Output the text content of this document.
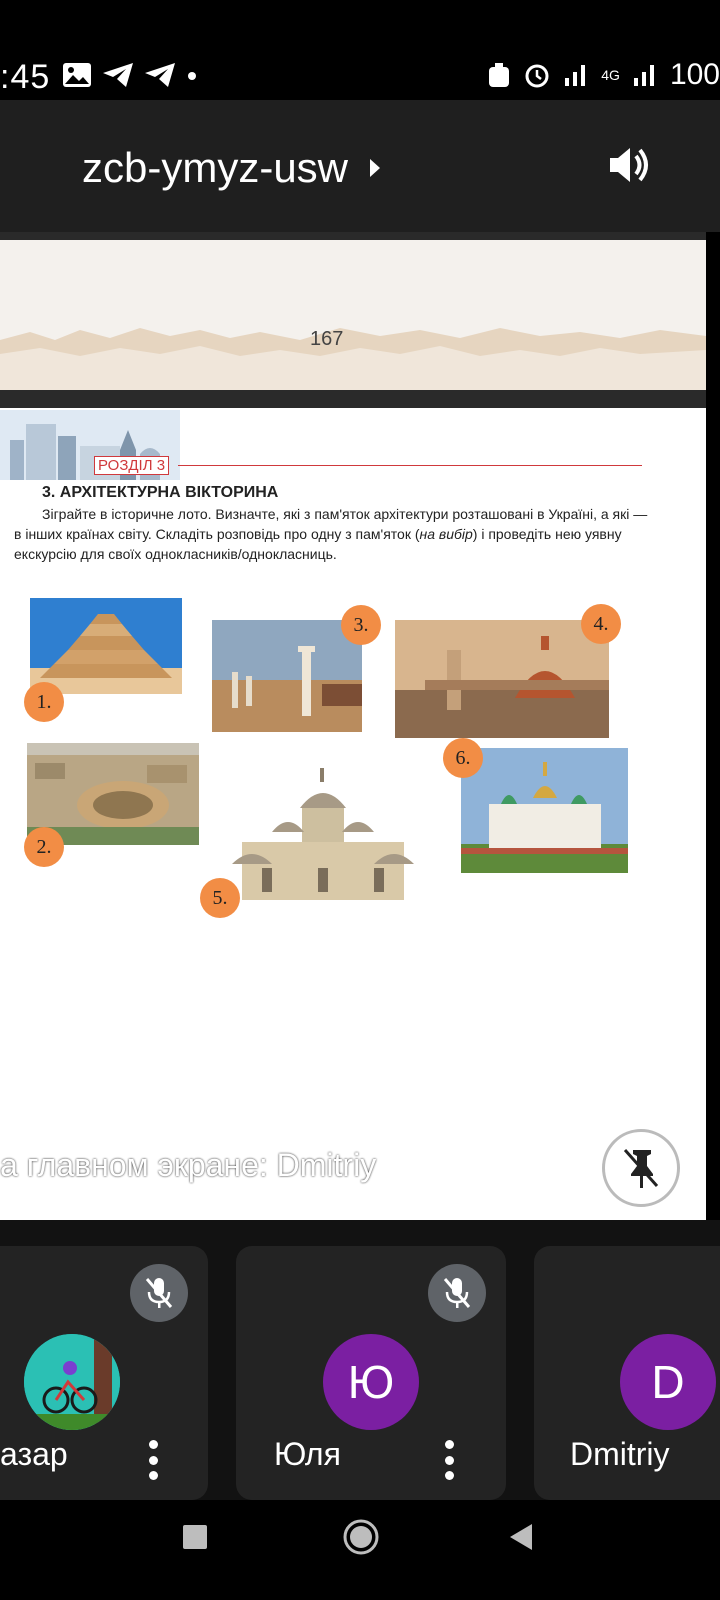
:45	4G 100
zcb-ymyz-usw
167
РОЗДІЛ 3
3. АРХІТЕКТУРНА ВІКТОРИНА
Зіграйте в історичне лото. Визначте, які з пам'яток архітектури розташовані в Україні, а які — в інших країнах світу. Складіть розповідь про одну з пам'яток (на вибір) і проведіть нею уявну екскурсію для своїх однокласників/однокласниць.
1.
2.
3.	4.
5.
6.
а главном экране: Dmitriy
азар
Ю
Юля
D
Dmitriy
